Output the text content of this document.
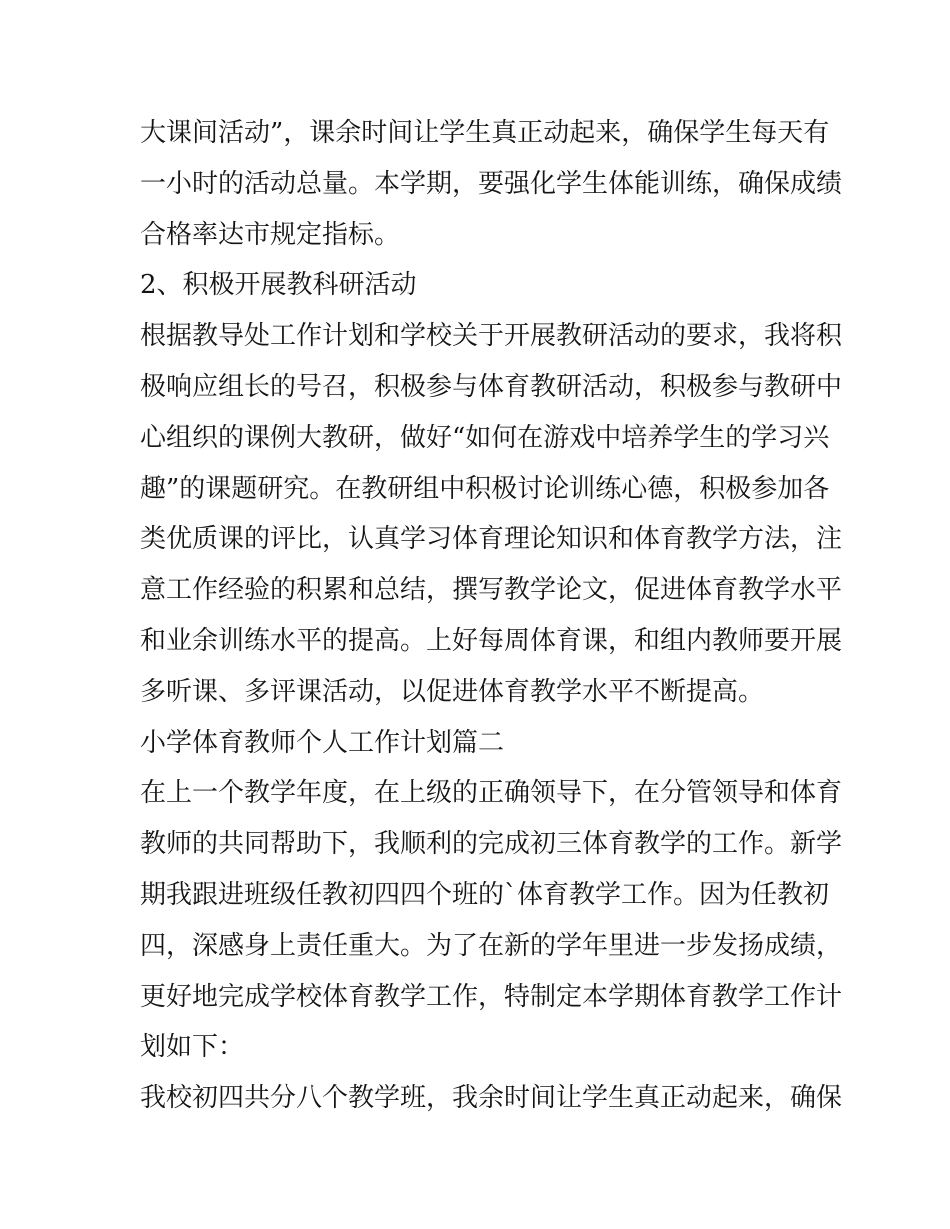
大课间活动”，课余时间让学生真正动起来，确保学生每天有
一小时的活动总量。本学期，要强化学生体能训练，确保成绩
合格率达市规定指标。
2、积极开展教科研活动
根据教导处工作计划和学校关于开展教研活动的要求，我将积
极响应组长的号召，积极参与体育教研活动，积极参与教研中
心组织的课例大教研，做好“如何在游戏中培养学生的学习兴
趣”的课题研究。在教研组中积极讨论训练心德，积极参加各
类优质课的评比，认真学习体育理论知识和体育教学方法，注
意工作经验的积累和总结，撰写教学论文，促进体育教学水平
和业余训练水平的提高。上好每周体育课，和组内教师要开展
多听课、多评课活动，以促进体育教学水平不断提高。
小学体育教师个人工作计划篇二
在上一个教学年度，在上级的正确领导下，在分管领导和体育
教师的共同帮助下，我顺利的完成初三体育教学的工作。新学
期我跟进班级任教初四四个班的`体育教学工作。因为任教初
四，深感身上责任重大。为了在新的学年里进一步发扬成绩，
更好地完成学校体育教学工作，特制定本学期体育教学工作计
划如下：
我校初四共分八个教学班，我余时间让学生真正动起来，确保
